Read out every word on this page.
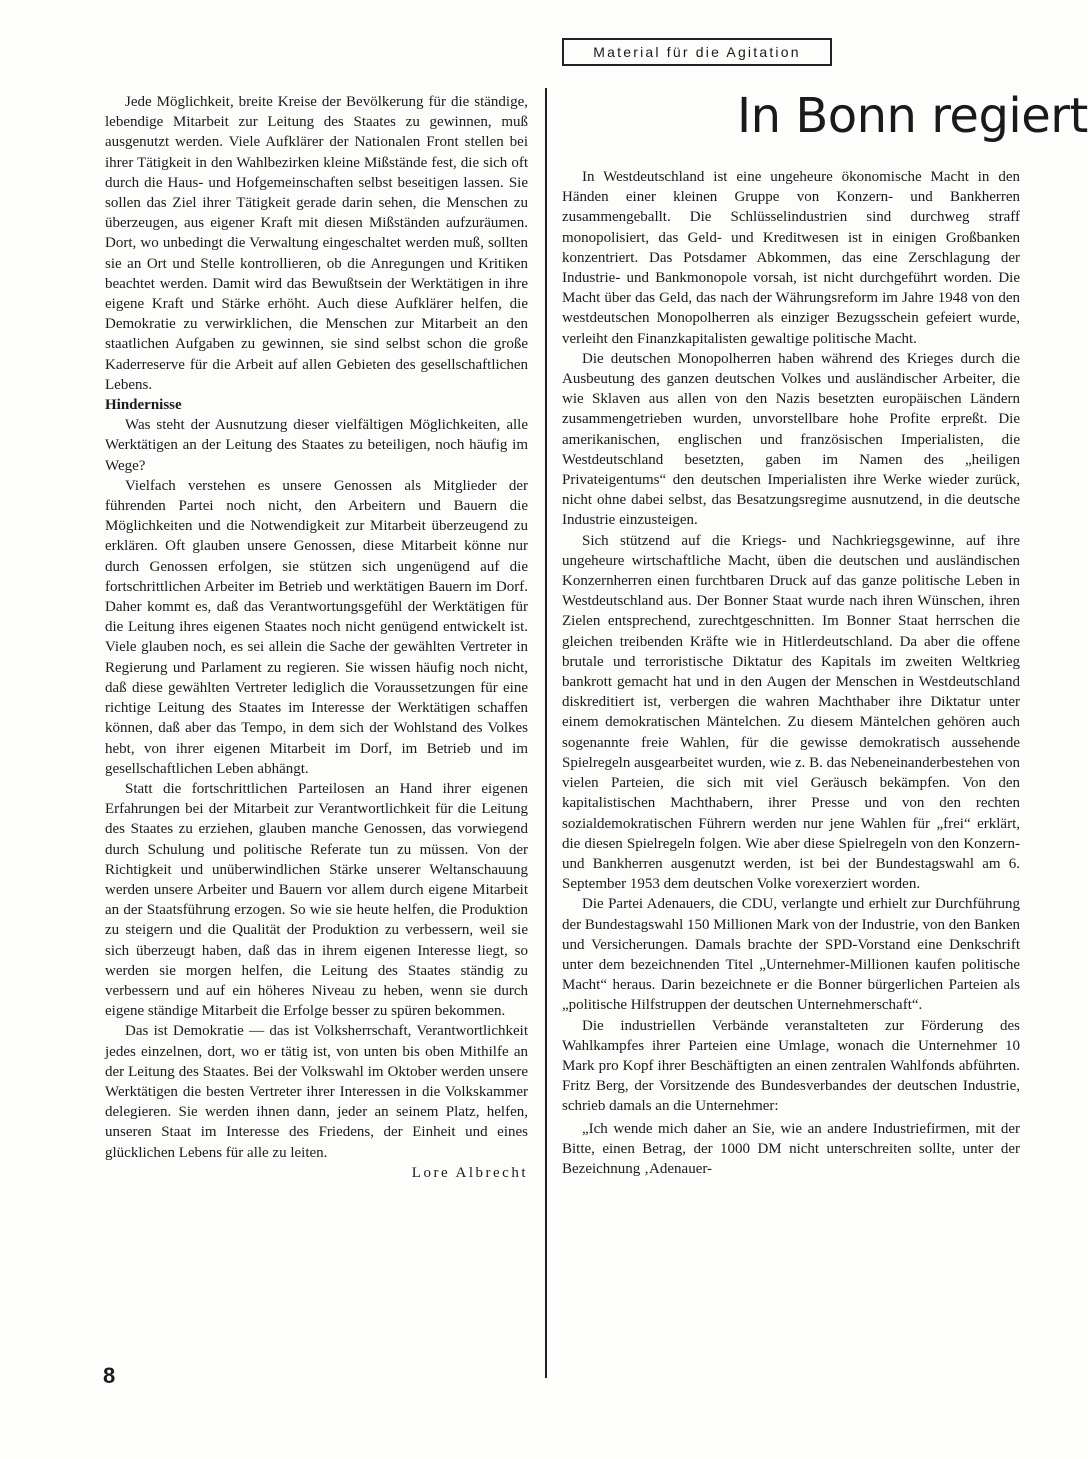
Material für die Agitation
In Bonn regiert

Jede Möglichkeit, breite Kreise der Bevölkerung für die ständige, lebendige Mitarbeit zur Leitung des Staates zu gewinnen, muß ausgenutzt werden. Viele Aufklärer der Nationalen Front stellen bei ihrer Tätigkeit in den Wahlbezirken kleine Mißstände fest, die sich oft durch die Haus- und Hofgemeinschaften selbst beseitigen lassen. Sie sollen das Ziel ihrer Tätigkeit gerade darin sehen, die Menschen zu überzeugen, aus eigener Kraft mit diesen Mißständen aufzuräumen. Dort, wo unbedingt die Verwaltung eingeschaltet werden muß, sollten sie an Ort und Stelle kontrollieren, ob die Anregungen und Kritiken beachtet werden. Damit wird das Bewußtsein der Werktätigen in ihre eigene Kraft und Stärke erhöht. Auch diese Aufklärer helfen, die Demokratie zu verwirklichen, die Menschen zur Mitarbeit an den staatlichen Aufgaben zu gewinnen, sie sind selbst schon die große Kaderreserve für die Arbeit auf allen Gebieten des gesellschaftlichen Lebens.

Hindernisse

Was steht der Ausnutzung dieser vielfältigen Möglichkeiten, alle Werktätigen an der Leitung des Staates zu beteiligen, noch häufig im Wege?

Vielfach verstehen es unsere Genossen als Mitglieder der führenden Partei noch nicht, den Arbeitern und Bauern die Möglichkeiten und die Notwendigkeit zur Mitarbeit überzeugend zu erklären. Oft glauben unsere Genossen, diese Mitarbeit könne nur durch Genossen erfolgen, sie stützen sich ungenügend auf die fortschrittlichen Arbeiter im Betrieb und werktätigen Bauern im Dorf. Daher kommt es, daß das Verantwortungsgefühl der Werktätigen für die Leitung ihres eigenen Staates noch nicht genügend entwickelt ist. Viele glauben noch, es sei allein die Sache der gewählten Vertreter in Regierung und Parlament zu regieren. Sie wissen häufig noch nicht, daß diese gewählten Vertreter lediglich die Voraussetzungen für eine richtige Leitung des Staates im Interesse der Werktätigen schaffen können, daß aber das Tempo, in dem sich der Wohlstand des Volkes hebt, von ihrer eigenen Mitarbeit im Dorf, im Betrieb und im gesellschaftlichen Leben abhängt.

Statt die fortschrittlichen Parteilosen an Hand ihrer eigenen Erfahrungen bei der Mitarbeit zur Verantwortlichkeit für die Leitung des Staates zu erziehen, glauben manche Genossen, das vorwiegend durch Schulung und politische Referate tun zu müssen. Von der Richtigkeit und unüberwindlichen Stärke unserer Weltanschauung werden unsere Arbeiter und Bauern vor allem durch eigene Mitarbeit an der Staatsführung erzogen. So wie sie heute helfen, die Produktion zu steigern und die Qualität der Produktion zu verbessern, weil sie sich überzeugt haben, daß das in ihrem eigenen Interesse liegt, so werden sie morgen helfen, die Leitung des Staates ständig zu verbessern und auf ein höheres Niveau zu heben, wenn sie durch eigene ständige Mitarbeit die Erfolge besser zu spüren bekommen.

Das ist Demokratie — das ist Volksherrschaft, Verantwortlichkeit jedes einzelnen, dort, wo er tätig ist, von unten bis oben Mithilfe an der Leitung des Staates. Bei der Volkswahl im Oktober werden unsere Werktätigen die besten Vertreter ihrer Interessen in die Volkskammer delegieren. Sie werden ihnen dann, jeder an seinem Platz, helfen, unseren Staat im Interesse des Friedens, der Einheit und eines glücklichen Lebens für alle zu leiten.

Lore Albrecht

In Westdeutschland ist eine ungeheure ökonomische Macht in den Händen einer kleinen Gruppe von Konzern- und Bankherren zusammengeballt. Die Schlüsselindustrien sind durchweg straff monopolisiert, das Geld- und Kreditwesen ist in einigen Großbanken konzentriert. Das Potsdamer Abkommen, das eine Zerschlagung der Industrie- und Bankmonopole vorsah, ist nicht durchgeführt worden. Die Macht über das Geld, das nach der Währungsreform im Jahre 1948 von den westdeutschen Monopolherren als einziger Bezugsschein gefeiert wurde, verleiht den Finanzkapitalisten gewaltige politische Macht.

Die deutschen Monopolherren haben während des Krieges durch die Ausbeutung des ganzen deutschen Volkes und ausländischer Arbeiter, die wie Sklaven aus allen von den Nazis besetzten europäischen Ländern zusammengetrieben wurden, unvorstellbare hohe Profite erpreßt. Die amerikanischen, englischen und französischen Imperialisten, die Westdeutschland besetzten, gaben im Namen des „heiligen Privateigentums“ den deutschen Imperialisten ihre Werke wieder zurück, nicht ohne dabei selbst, das Besatzungsregime ausnutzend, in die deutsche Industrie einzusteigen.

Sich stützend auf die Kriegs- und Nachkriegsgewinne, auf ihre ungeheure wirtschaftliche Macht, üben die deutschen und ausländischen Konzernherren einen furchtbaren Druck auf das ganze politische Leben in Westdeutschland aus. Der Bonner Staat wurde nach ihren Wünschen, ihren Zielen entsprechend, zurechtgeschnitten. Im Bonner Staat herrschen die gleichen treibenden Kräfte wie in Hitlerdeutschland. Da aber die offene brutale und terroristische Diktatur des Kapitals im zweiten Weltkrieg bankrott gemacht hat und in den Augen der Menschen in Westdeutschland diskreditiert ist, verbergen die wahren Machthaber ihre Diktatur unter einem demokratischen Mäntelchen. Zu diesem Mäntelchen gehören auch sogenannte freie Wahlen, für die gewisse demokratisch aussehende Spielregeln ausgearbeitet wurden, wie z. B. das Nebeneinanderbestehen von vielen Parteien, die sich mit viel Geräusch bekämpfen. Von den kapitalistischen Machthabern, ihrer Presse und von den rechten sozialdemokratischen Führern werden nur jene Wahlen für „frei“ erklärt, die diesen Spielregeln folgen. Wie aber diese Spielregeln von den Konzern- und Bankherren ausgenutzt werden, ist bei der Bundestagswahl am 6. September 1953 dem deutschen Volke vorexerziert worden.

Die Partei Adenauers, die CDU, verlangte und erhielt zur Durchführung der Bundestagswahl 150 Millionen Mark von der Industrie, von den Banken und Versicherungen. Damals brachte der SPD-Vorstand eine Denkschrift unter dem bezeichnenden Titel „Unternehmer-Millionen kaufen politische Macht“ heraus. Darin bezeichnete er die Bonner bürgerlichen Parteien als „politische Hilfstruppen der deutschen Unternehmerschaft“.

Die industriellen Verbände veranstalteten zur Förderung des Wahlkampfes ihrer Parteien eine Umlage, wonach die Unternehmer 10 Mark pro Kopf ihrer Beschäftigten an einen zentralen Wahlfonds abführten. Fritz Berg, der Vorsitzende des Bundesverbandes der deutschen Industrie, schrieb damals an die Unternehmer:

„Ich wende mich daher an Sie, wie an andere Industriefirmen, mit der Bitte, einen Betrag, der 1000 DM nicht unterschreiten sollte, unter der Bezeichnung ‚Adenauer-

8
